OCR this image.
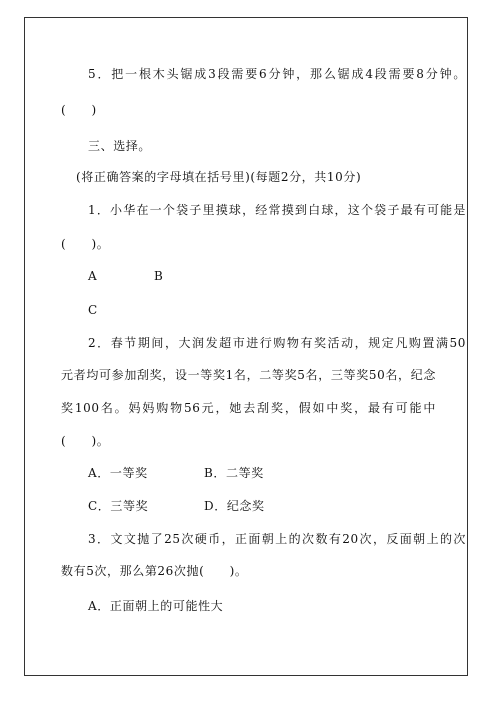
5．把一根木头锯成3段需要6分钟，那么锯成4段需要8分钟。
(　　)
三、选择。
(将正确答案的字母填在括号里)(每题2分，共10分)
1．小华在一个袋子里摸球，经常摸到白球，这个袋子最有可能是
(　　)。
A	B
C
2．春节期间，大润发超市进行购物有奖活动，规定凡购置满50
元者均可参加刮奖，设一等奖1名，二等奖5名，三等奖50名，纪念
奖100名。妈妈购物56元，她去刮奖，假如中奖，最有可能中
(　　)。
A．一等奖	B．二等奖
C．三等奖	D．纪念奖
3．文文抛了25次硬币，正面朝上的次数有20次，反面朝上的次
数有5次，那么第26次抛(　　)。
A．正面朝上的可能性大
